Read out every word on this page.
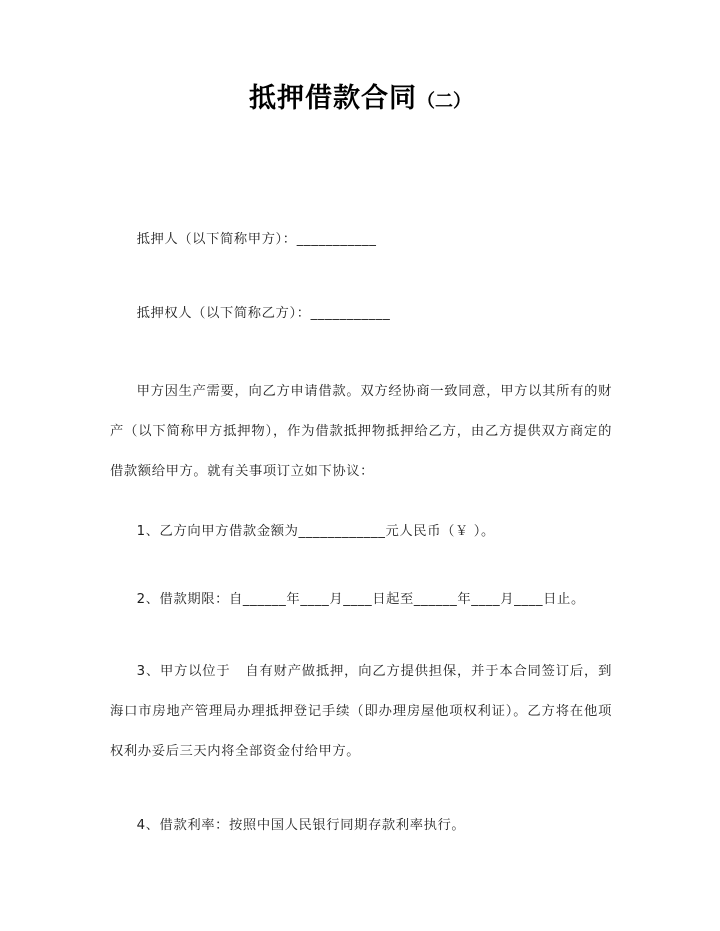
抵押借款合同（二）
抵押人（以下简称甲方）：___________
抵押权人（以下简称乙方）：___________
甲方因生产需要，向乙方申请借款。双方经协商一致同意，甲方以其所有的财产（以下简称甲方抵押物），作为借款抵押物抵押给乙方，由乙方提供双方商定的借款额给甲方。就有关事项订立如下协议：
1、乙方向甲方借款金额为____________元人民币（￥ ）。
2、借款期限：自______年____月____日起至______年____月____日止。
3、甲方以位于 自有财产做抵押，向乙方提供担保，并于本合同签订后，到海口市房地产管理局办理抵押登记手续（即办理房屋他项权利证）。乙方将在他项权利办妥后三天内将全部资金付给甲方。
4、借款利率：按照中国人民银行同期存款利率执行。
